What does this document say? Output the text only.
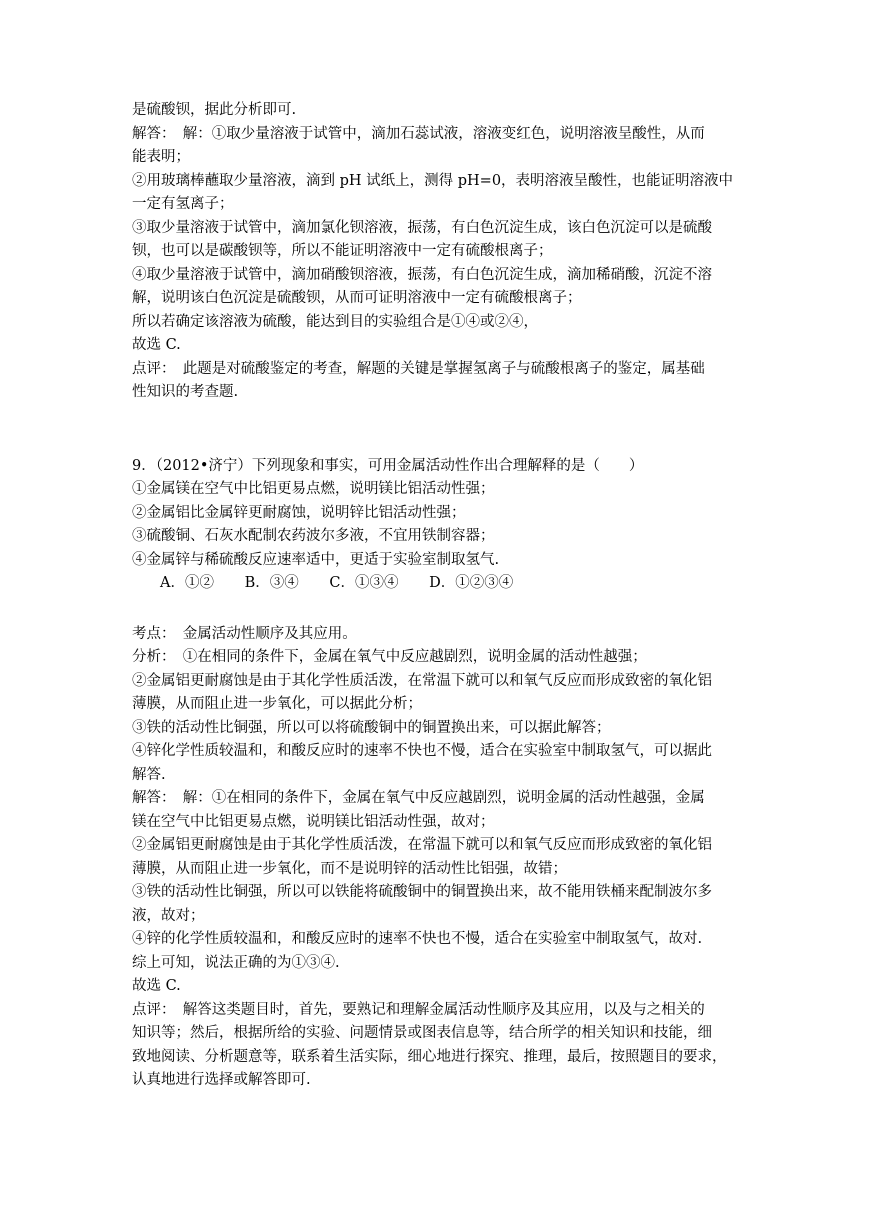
是硫酸钡，据此分析即可.
解答：　解：①取少量溶液于试管中，滴加石蕊试液，溶液变红色，说明溶液呈酸性，从而
能表明；
②用玻璃棒蘸取少量溶液，滴到 pH 试纸上，测得 pH=0，表明溶液呈酸性，也能证明溶液中
一定有氢离子；
③取少量溶液于试管中，滴加氯化钡溶液，振荡，有白色沉淀生成，该白色沉淀可以是硫酸
钡，也可以是碳酸钡等，所以不能证明溶液中一定有硫酸根离子；
④取少量溶液于试管中，滴加硝酸钡溶液，振荡，有白色沉淀生成，滴加稀硝酸，沉淀不溶
解，说明该白色沉淀是硫酸钡，从而可证明溶液中一定有硫酸根离子；
所以若确定该溶液为硫酸，能达到目的实验组合是①④或②④，
故选 C.
点评：　此题是对硫酸鉴定的考查，解题的关键是掌握氢离子与硫酸根离子的鉴定，属基础
性知识的考查题.
9．（2012•济宁）下列现象和事实，可用金属活动性作出合理解释的是（　　）
①金属镁在空气中比铝更易点燃，说明镁比铝活动性强；
②金属铝比金属锌更耐腐蚀，说明锌比铝活动性强；
③硫酸铜、石灰水配制农药波尔多液，不宜用铁制容器；
④金属锌与稀硫酸反应速率适中，更适于实验室制取氢气.
A．①② B．③④ C．①③④ D．①②③④
考点：　金属活动性顺序及其应用。
分析：　①在相同的条件下，金属在氧气中反应越剧烈，说明金属的活动性越强；
②金属铝更耐腐蚀是由于其化学性质活泼，在常温下就可以和氧气反应而形成致密的氧化铝
薄膜，从而阻止进一步氧化，可以据此分析；
③铁的活动性比铜强，所以可以将硫酸铜中的铜置换出来，可以据此解答；
④锌化学性质较温和，和酸反应时的速率不快也不慢，适合在实验室中制取氢气，可以据此
解答.
解答：　解：①在相同的条件下，金属在氧气中反应越剧烈，说明金属的活动性越强，金属
镁在空气中比铝更易点燃，说明镁比铝活动性强，故对；
②金属铝更耐腐蚀是由于其化学性质活泼，在常温下就可以和氧气反应而形成致密的氧化铝
薄膜，从而阻止进一步氧化，而不是说明锌的活动性比铝强，故错；
③铁的活动性比铜强，所以可以铁能将硫酸铜中的铜置换出来，故不能用铁桶来配制波尔多
液，故对；
④锌的化学性质较温和，和酸反应时的速率不快也不慢，适合在实验室中制取氢气，故对.
综上可知，说法正确的为①③④.
故选 C.
点评：　解答这类题目时，首先，要熟记和理解金属活动性顺序及其应用，以及与之相关的
知识等；然后，根据所给的实验、问题情景或图表信息等，结合所学的相关知识和技能，细
致地阅读、分析题意等，联系着生活实际，细心地进行探究、推理，最后，按照题目的要求，
认真地进行选择或解答即可.
